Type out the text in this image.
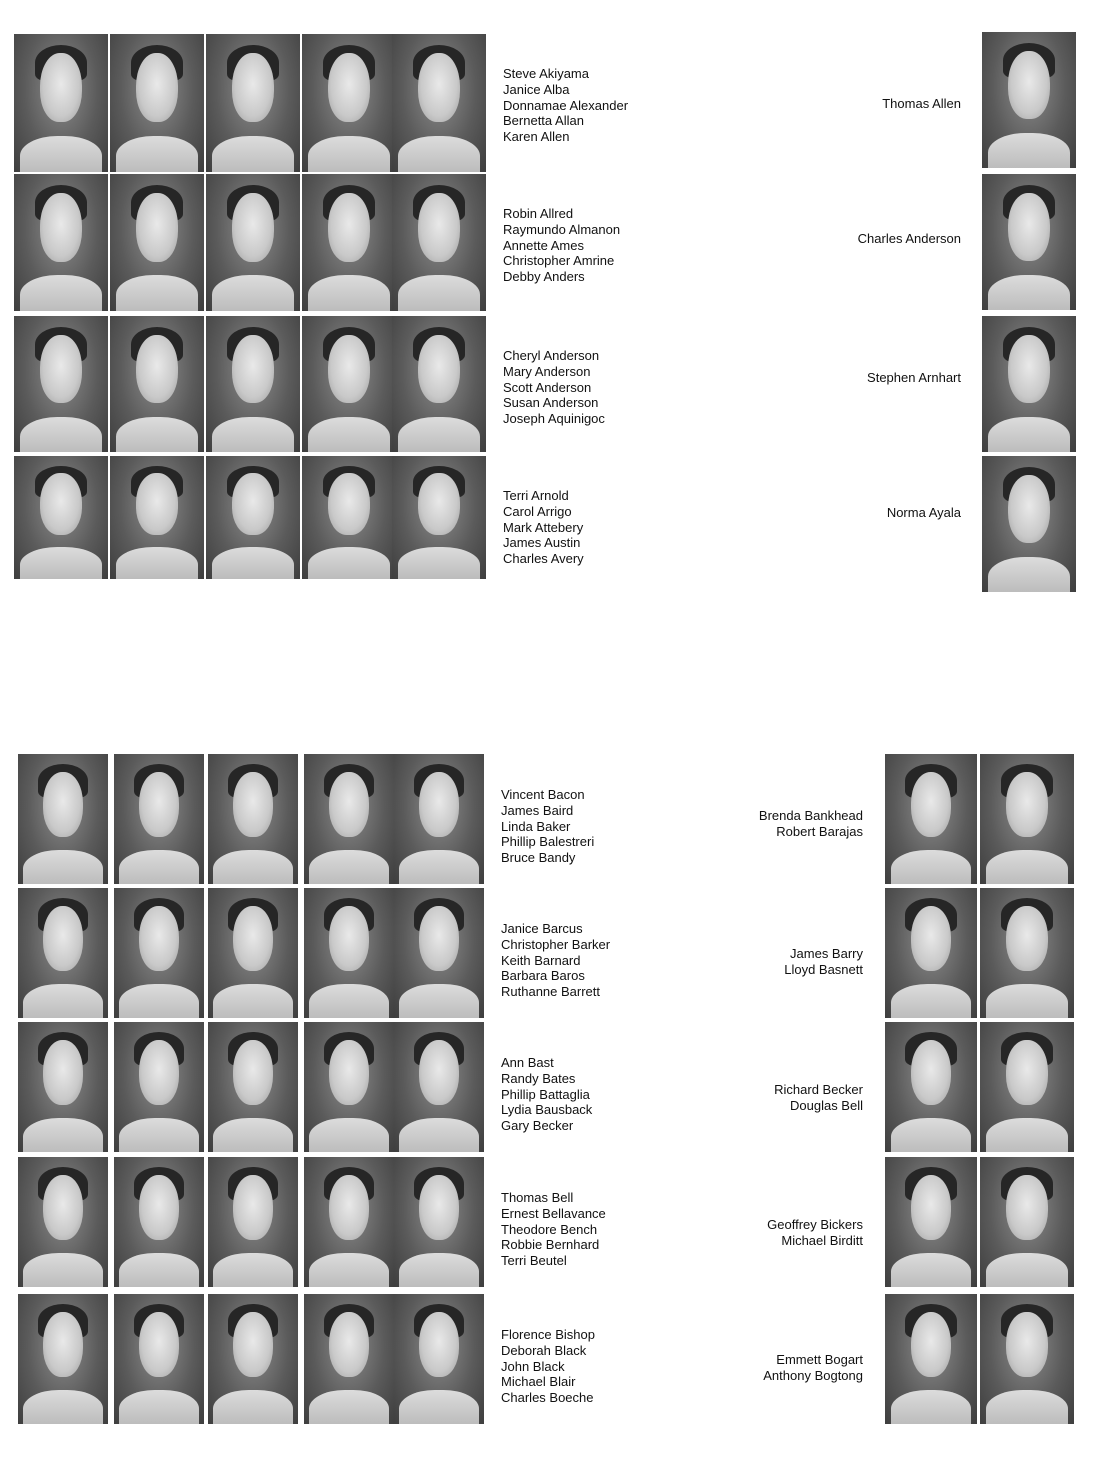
Steve Akiyama
Janice Alba
Donnamae Alexander
Bernetta Allan
Karen Allen
Robin Allred
Raymundo Almanon
Annette Ames
Christopher Amrine
Debby Anders
Cheryl Anderson
Mary Anderson
Scott Anderson
Susan Anderson
Joseph Aquinigoc
Terri Arnold
Carol Arrigo
Mark Attebery
James Austin
Charles Avery
Thomas Allen
Charles Anderson
Stephen Arnhart
Norma Ayala
Vincent Bacon
James Baird
Linda Baker
Phillip Balestreri
Bruce Bandy
Janice Barcus
Christopher Barker
Keith Barnard
Barbara Baros
Ruthanne Barrett
Ann Bast
Randy Bates
Phillip Battaglia
Lydia Bausback
Gary Becker
Thomas Bell
Ernest Bellavance
Theodore Bench
Robbie Bernhard
Terri Beutel
Florence Bishop
Deborah Black
John Black
Michael Blair
Charles Boeche
Brenda Bankhead
Robert Barajas
James Barry
Lloyd Basnett
Richard Becker
Douglas Bell
Geoffrey Bickers
Michael Birditt
Emmett Bogart
Anthony Bogtong
